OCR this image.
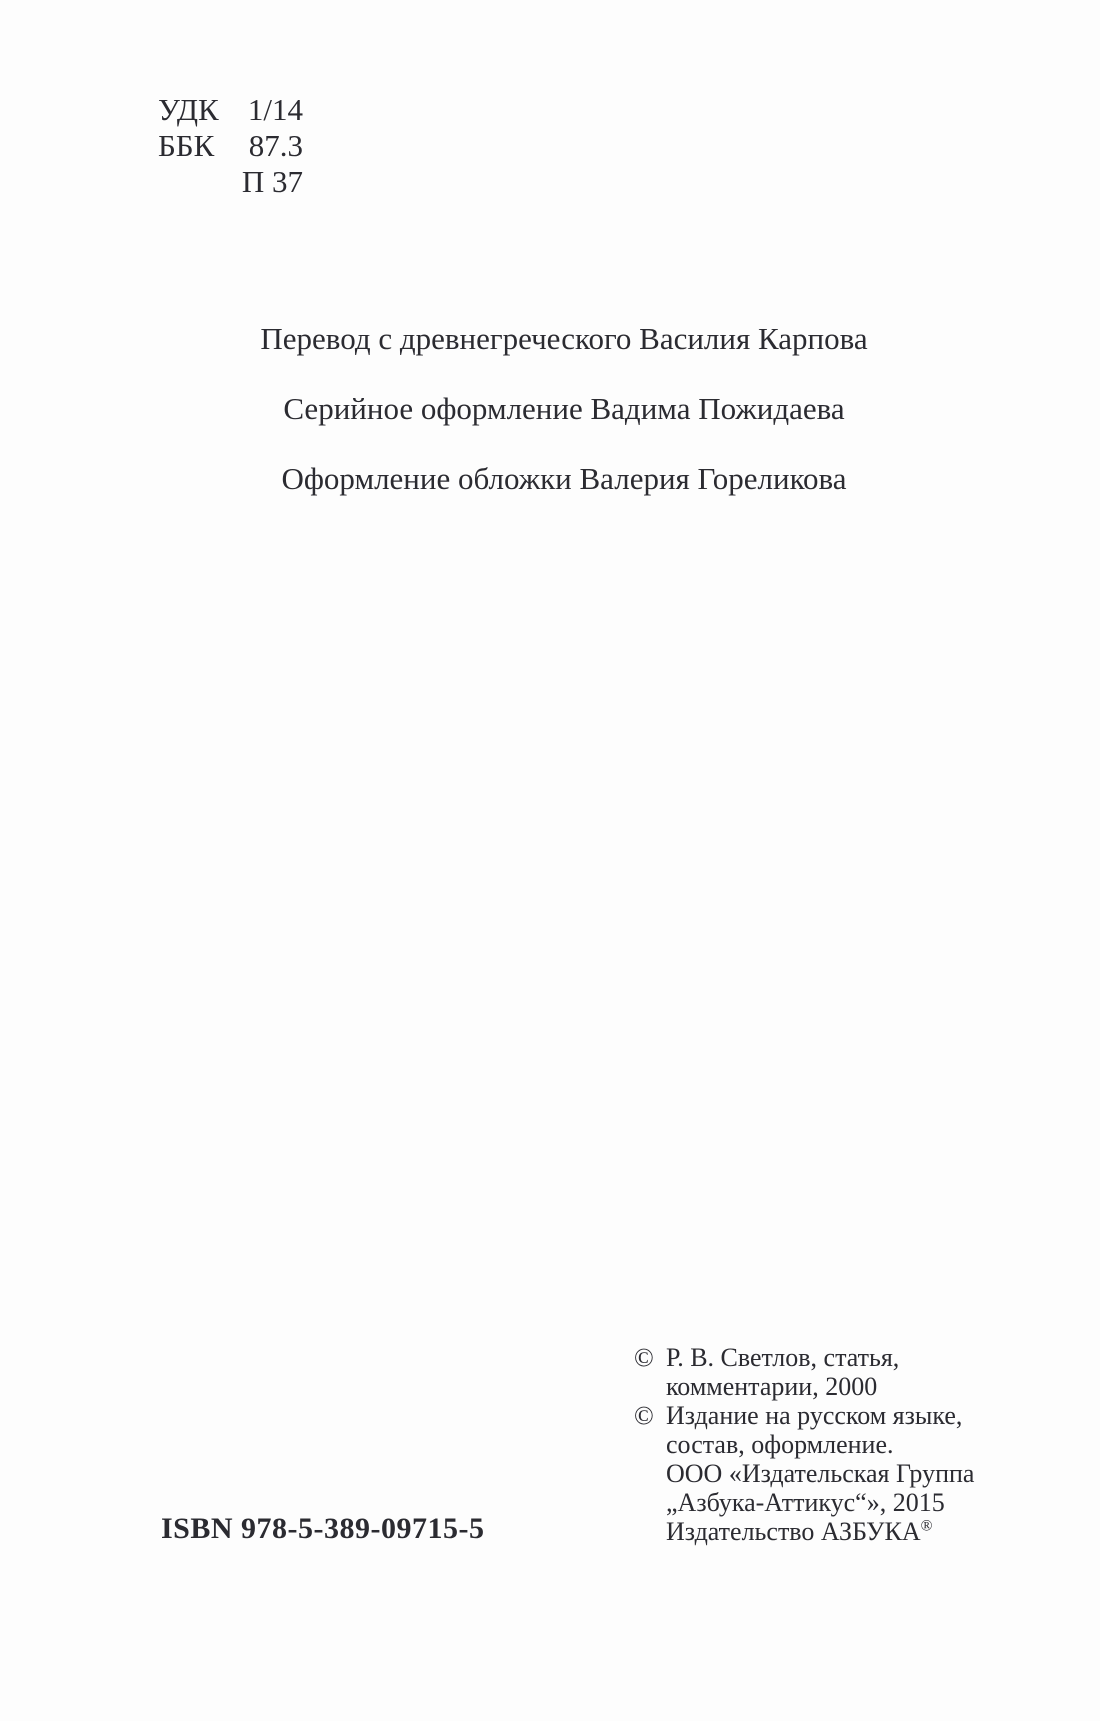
УДК 1/14
ББК	87.3
П 37
Перевод с древнегреческого Василия Карпова
Серийное оформление Вадима Пожидаева
Оформление обложки Валерия Гореликова
© Р. В. Светлов, статья,
комментарии, 2000
© Издание на русском языке,
состав, оформление.
ООО «Издательская Группа
„Азбука-Аттикус“», 2015
Издательство АЗБУКА®
ISBN 978-5-389-09715-5
